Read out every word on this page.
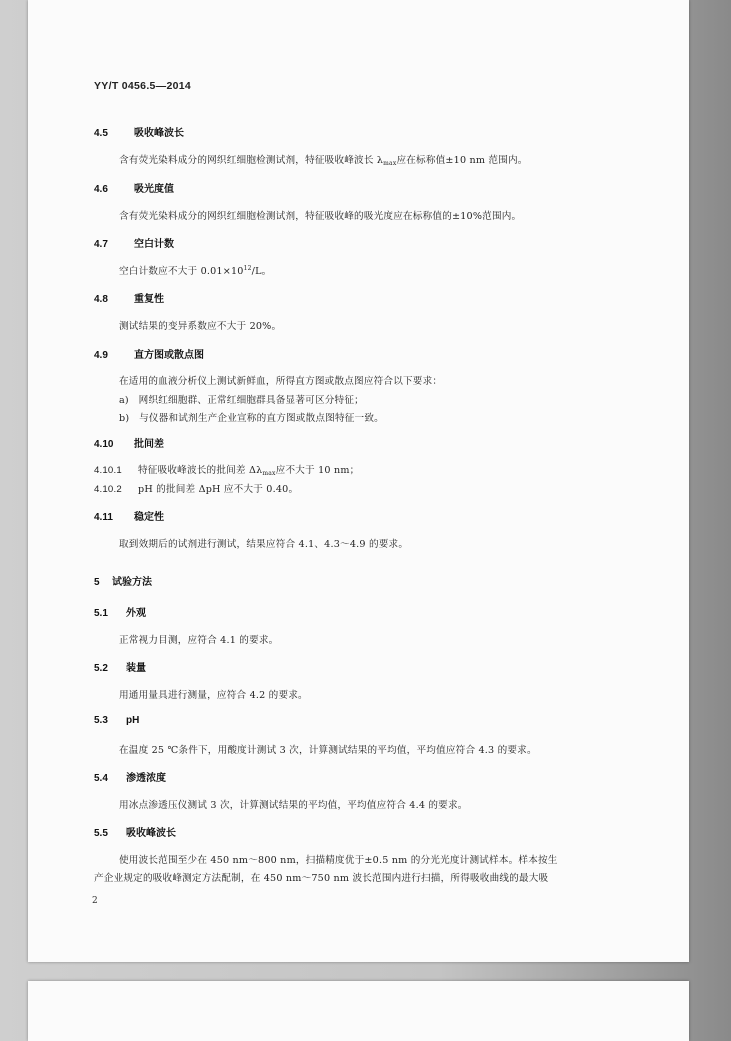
YY/T 0456.5—2014
4.5	吸收峰波长
含有荧光染料成分的网织红细胞检测试剂，特征吸收峰波长 $\lambda_{max}$应在标称值±10 nm 范围内。
4.6	吸光度值
含有荧光染料成分的网织红细胞检测试剂，特征吸收峰的吸光度应在标称值的±10%范围内。
4.7	空白计数
空白计数应不大于 $0.01\times 10^{12}/L$。
4.8	重复性
测试结果的变异系数应不大于 20%。
4.9	直方图或散点图
在适用的血液分析仪上测试新鲜血，所得直方图或散点图应符合以下要求：
a)　网织红细胞群、正常红细胞群具备显著可区分特征；
b)　与仪器和试剂生产企业宣称的直方图或散点图特征一致。
4.10 批间差
4.10.1 特征吸收峰波长的批间差 $\Delta\lambda_{max}$应不大于 10 nm；
4.10.2 pH 的批间差 ΔpH 应不大于 0.40。
4.11 稳定性
取到效期后的试剂进行测试，结果应符合 4.1、4.3～4.9 的要求。
5 试验方法
5.1 外观
正常视力目测，应符合 4.1 的要求。
5.2 装量
用通用量具进行测量，应符合 4.2 的要求。
5.3 pH
在温度 25 ℃条件下，用酸度计测试 3 次，计算测试结果的平均值，平均值应符合 4.3 的要求。
5.4 渗透浓度
用冰点渗透压仪测试 3 次，计算测试结果的平均值，平均值应符合 4.4 的要求。
5.5 吸收峰波长
使用波长范围至少在 450 nm～800 nm，扫描精度优于±0.5 nm 的分光光度计测试样本。样本按生
产企业规定的吸收峰测定方法配制，在 450 nm～750 nm 波长范围内进行扫描，所得吸收曲线的最大吸
2
